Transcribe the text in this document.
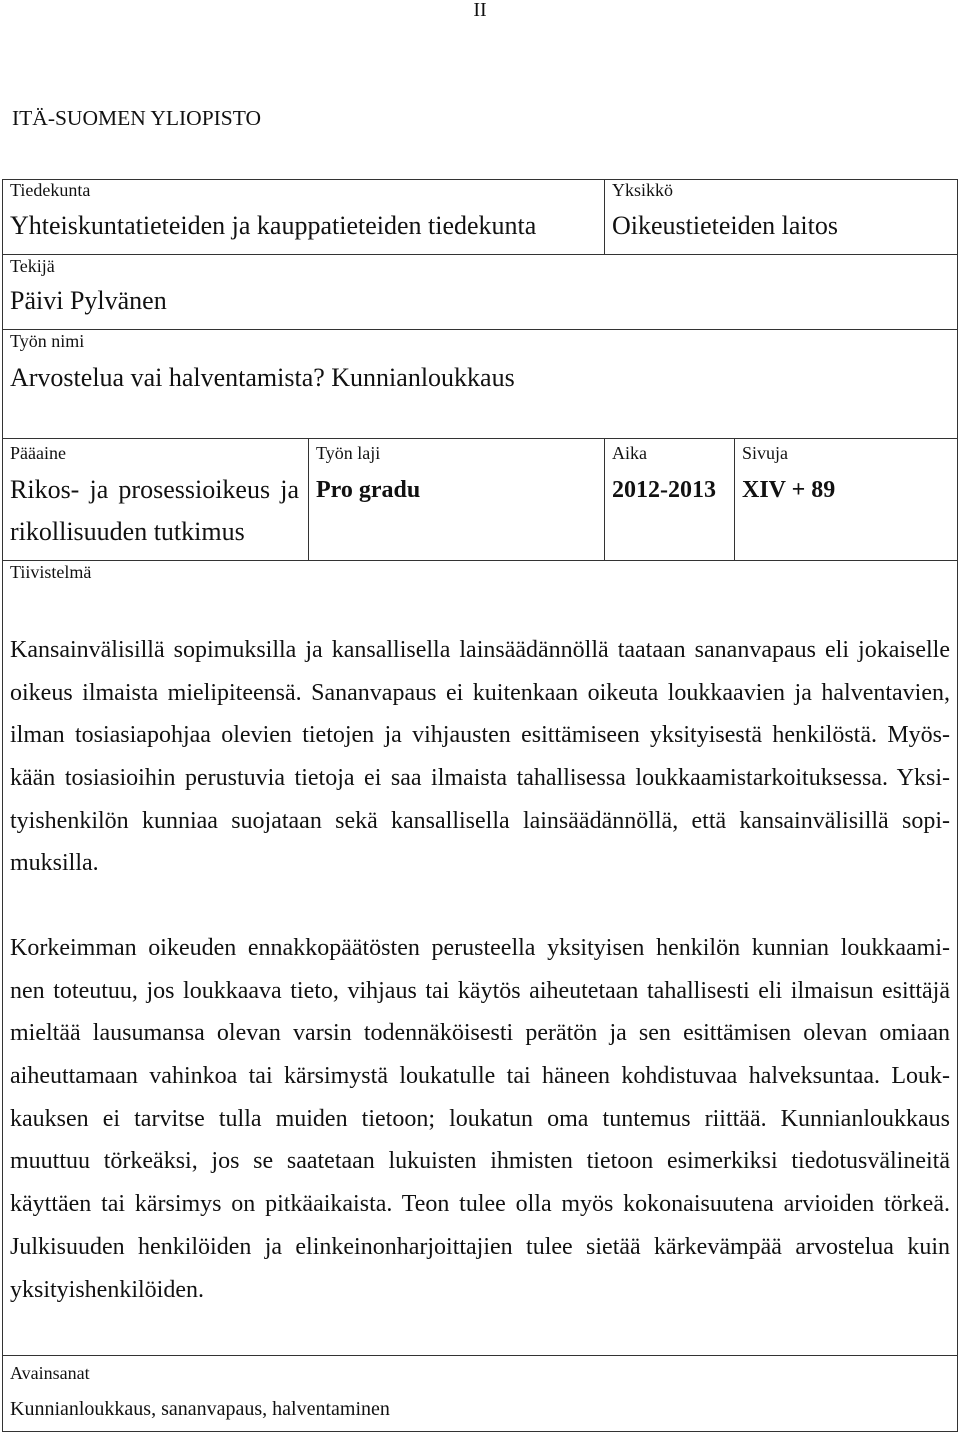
II
ITÄ-SUOMEN YLIOPISTO
Tiedekunta
Yhteiskuntatieteiden ja kauppatieteiden tiedekunta
Yksikkö
Oikeustieteiden laitos
Tekijä
Päivi Pylvänen
Työn nimi
Arvostelua vai halventamista? Kunnianloukkaus
Pääaine
Rikos- ja prosessioikeus ja
rikollisuuden tutkimus
Työn laji
Pro gradu
Aika
2012-2013
Sivuja
XIV + 89
Tiivistelmä
Kansainvälisillä sopimuksilla ja kansallisella lainsäädännöllä taataan sananvapaus eli jokaiselle
oikeus ilmaista mielipiteensä. Sananvapaus ei kuitenkaan oikeuta loukkaavien ja halventavien,
ilman tosiasiapohjaa olevien tietojen ja vihjausten esittämiseen yksityisestä henkilöstä. Myös-
kään tosiasioihin perustuvia tietoja ei saa ilmaista tahallisessa loukkaamistarkoituksessa. Yksi-
tyishenkilön kunniaa suojataan sekä kansallisella lainsäädännöllä, että kansainvälisillä sopi-
muksilla.
Korkeimman oikeuden ennakkopäätösten perusteella yksityisen henkilön kunnian loukkaami-
nen toteutuu, jos loukkaava tieto, vihjaus tai käytös aiheutetaan tahallisesti eli ilmaisun esittäjä
mieltää lausumansa olevan varsin todennäköisesti perätön ja sen esittämisen olevan omiaan
aiheuttamaan vahinkoa tai kärsimystä loukatulle tai häneen kohdistuvaa halveksuntaa. Louk-
kauksen ei tarvitse tulla muiden tietoon; loukatun oma tuntemus riittää. Kunnianloukkaus
muuttuu törkeäksi, jos se saatetaan lukuisten ihmisten tietoon esimerkiksi tiedotusvälineitä
käyttäen tai kärsimys on pitkäaikaista. Teon tulee olla myös kokonaisuutena arvioiden törkeä.
Julkisuuden henkilöiden ja elinkeinonharjoittajien tulee sietää kärkevämpää arvostelua kuin
yksityishenkilöiden.
Avainsanat
Kunnianloukkaus, sananvapaus, halventaminen
